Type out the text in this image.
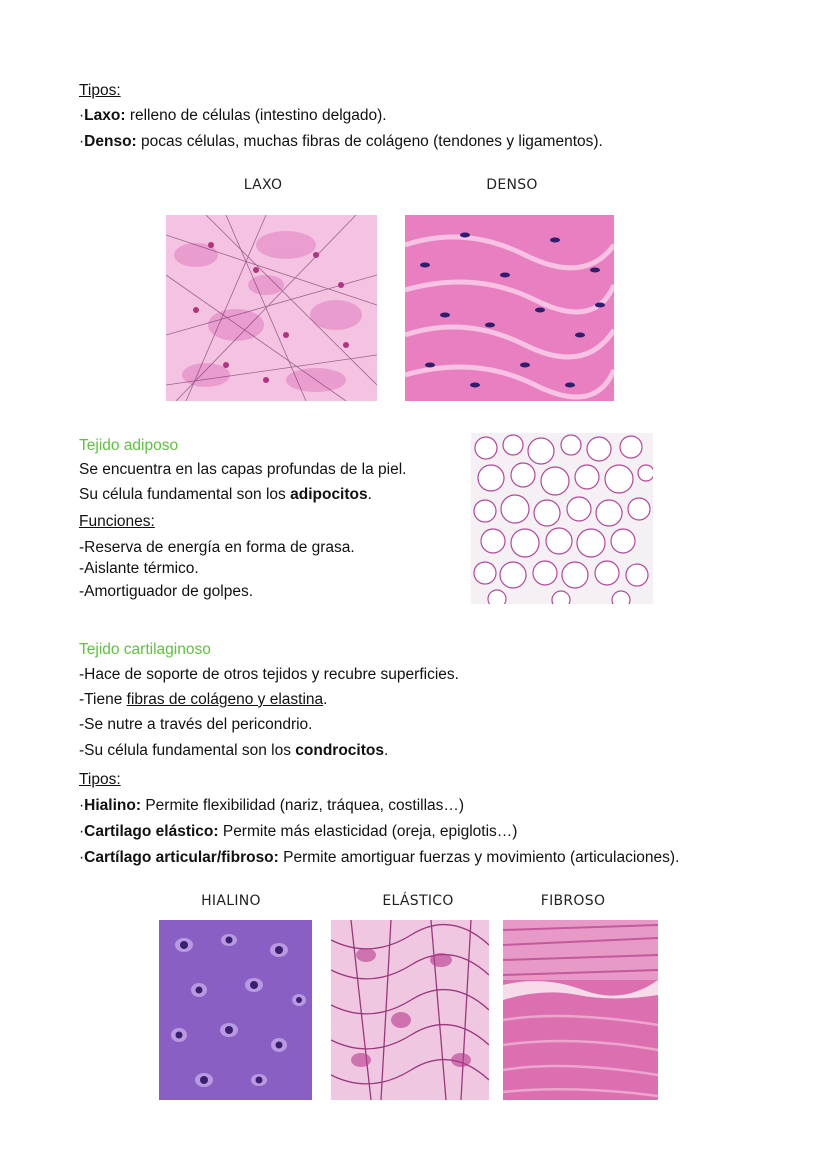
Tipos:
·Laxo: relleno de células (intestino delgado).
·Denso: pocas células, muchas fibras de colágeno (tendones y ligamentos).
LAXO	DENSO
Tejido adiposo
Se encuentra en las capas profundas de la piel.
Su célula fundamental son los adipocitos.
Funciones:
-Reserva de energía en forma de grasa.
-Aislante térmico.
-Amortiguador de golpes.
Tejido cartilaginoso
-Hace de soporte de otros tejidos y recubre superficies.
-Tiene fibras de colágeno y elastina.
-Se nutre a través del pericondrio.
-Su célula fundamental son los condrocitos.
Tipos:
·Hialino: Permite flexibilidad (nariz, tráquea, costillas…)
·Cartilago elástico: Permite más elasticidad (oreja, epiglotis…)
·Cartílago articular/fibroso: Permite amortiguar fuerzas y movimiento (articulaciones).
HIALINO	ELÁSTICO	FIBROSO
